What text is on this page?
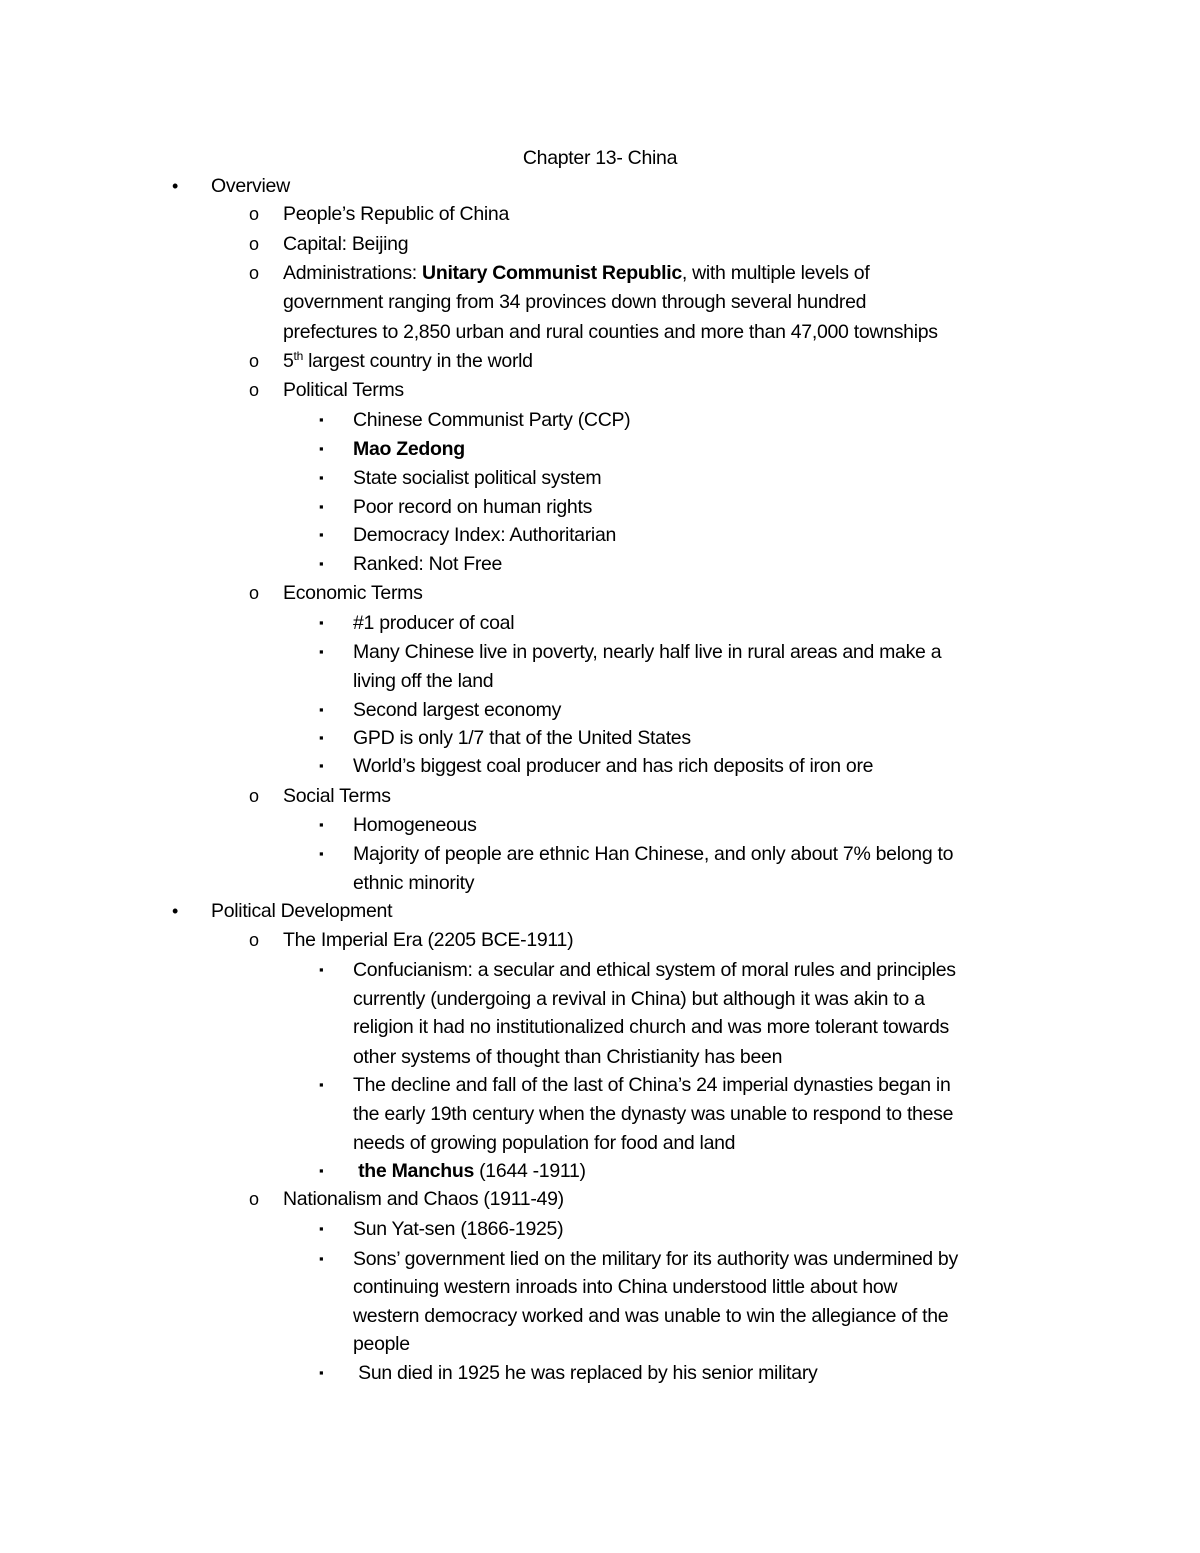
Chapter 13- China
• Overview
o People’s Republic of China
o Capital: Beijing
o Administrations: Unitary Communist Republic, with multiple levels of
government ranging from 34 provinces down through several hundred
prefectures to 2,850 urban and rural counties and more than 47,000 townships
o 5th largest country in the world
o Political Terms
▪ Chinese Communist Party (CCP)
▪ Mao Zedong
▪ State socialist political system
▪ Poor record on human rights
▪ Democracy Index: Authoritarian
▪ Ranked: Not Free
o Economic Terms
▪ #1 producer of coal
▪ Many Chinese live in poverty, nearly half live in rural areas and make a
living off the land
▪ Second largest economy
▪ GPD is only 1/7 that of the United States
▪ World’s biggest coal producer and has rich deposits of iron ore
o Social Terms
▪ Homogeneous
▪ Majority of people are ethnic Han Chinese, and only about 7% belong to
ethnic minority
• Political Development
o The Imperial Era (2205 BCE-1911)
▪ Confucianism: a secular and ethical system of moral rules and principles
currently (undergoing a revival in China) but although it was akin to a
religion it had no institutionalized church and was more tolerant towards
other systems of thought than Christianity has been
▪ The decline and fall of the last of China’s 24 imperial dynasties began in
the early 19th century when the dynasty was unable to respond to these
needs of growing population for food and land
▪ the Manchus (1644 -1911)
o Nationalism and Chaos (1911-49)
▪ Sun Yat-sen (1866-1925)
▪ Sons’ government lied on the military for its authority was undermined by
continuing western inroads into China understood little about how
western democracy worked and was unable to win the allegiance of the
people
▪ Sun died in 1925 he was replaced by his senior military
